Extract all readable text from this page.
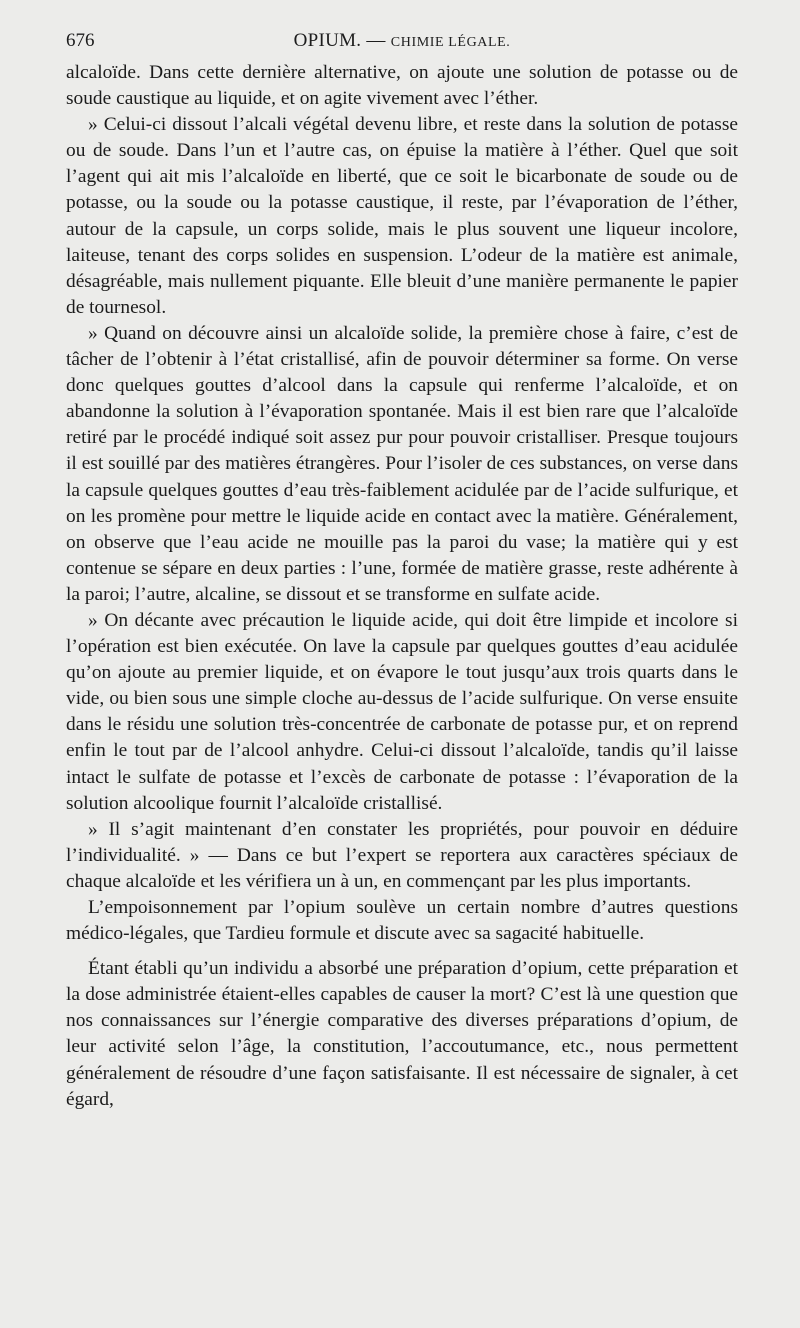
676	OPIUM. — CHIMIE LÉGALE.

alcaloïde. Dans cette dernière alternative, on ajoute une solution de potasse ou de soude caustique au liquide, et on agite vivement avec l’éther.

» Celui-ci dissout l’alcali végétal devenu libre, et reste dans la solution de potasse ou de soude. Dans l’un et l’autre cas, on épuise la matière à l’éther. Quel que soit l’agent qui ait mis l’alcaloïde en liberté, que ce soit le bicarbonate de soude ou de potasse, ou la soude ou la potasse caustique, il reste, par l’évaporation de l’éther, autour de la capsule, un corps solide, mais le plus souvent une liqueur incolore, laiteuse, tenant des corps solides en suspension. L’odeur de la matière est animale, désagréable, mais nullement piquante. Elle bleuit d’une manière permanente le papier de tournesol.

» Quand on découvre ainsi un alcaloïde solide, la première chose à faire, c’est de tâcher de l’obtenir à l’état cristallisé, afin de pouvoir déterminer sa forme. On verse donc quelques gouttes d’alcool dans la capsule qui renferme l’alcaloïde, et on abandonne la solution à l’évaporation spontanée. Mais il est bien rare que l’alcaloïde retiré par le procédé indiqué soit assez pur pour pouvoir cristalliser. Presque toujours il est souillé par des matières étrangères. Pour l’isoler de ces substances, on verse dans la capsule quelques gouttes d’eau très-faiblement acidulée par de l’acide sulfurique, et on les promène pour mettre le liquide acide en contact avec la matière. Généralement, on observe que l’eau acide ne mouille pas la paroi du vase; la matière qui y est contenue se sépare en deux parties : l’une, formée de matière grasse, reste adhérente à la paroi; l’autre, alcaline, se dissout et se transforme en sulfate acide.

» On décante avec précaution le liquide acide, qui doit être limpide et incolore si l’opération est bien exécutée. On lave la capsule par quelques gouttes d’eau acidulée qu’on ajoute au premier liquide, et on évapore le tout jusqu’aux trois quarts dans le vide, ou bien sous une simple cloche au-dessus de l’acide sulfurique. On verse ensuite dans le résidu une solution très-concentrée de carbonate de potasse pur, et on reprend enfin le tout par de l’alcool anhydre. Celui-ci dissout l’alcaloïde, tandis qu’il laisse intact le sulfate de potasse et l’excès de carbonate de potasse : l’évaporation de la solution alcoolique fournit l’alcaloïde cristallisé.

» Il s’agit maintenant d’en constater les propriétés, pour pouvoir en déduire l’individualité. » — Dans ce but l’expert se reportera aux caractères spéciaux de chaque alcaloïde et les vérifiera un à un, en commençant par les plus importants.

L’empoisonnement par l’opium soulève un certain nombre d’autres questions médico-légales, que Tardieu formule et discute avec sa sagacité habituelle.

Étant établi qu’un individu a absorbé une préparation d’opium, cette préparation et la dose administrée étaient-elles capables de causer la mort? C’est là une question que nos connaissances sur l’énergie comparative des diverses préparations d’opium, de leur activité selon l’âge, la constitution, l’accoutumance, etc., nous permettent généralement de résoudre d’une façon satisfaisante. Il est nécessaire de signaler, à cet égard,
